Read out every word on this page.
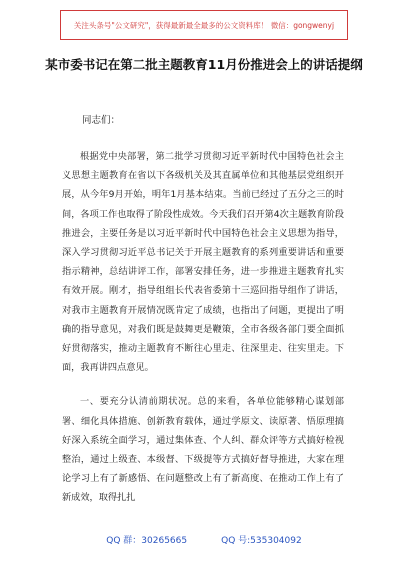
关注头条号"公文研究"，获得最新最全最多的公文资料库！ 微信：gongwenyj
某市委书记在第二批主题教育11月份推进会上的讲话提纲
同志们：

根据党中央部署，第二批学习贯彻习近平新时代中国特色社会主义思想主题教育在省以下各级机关及其直属单位和其他基层党组织开展，从今年9月开始，明年1月基本结束。当前已经过了五分之三的时间，各项工作也取得了阶段性成效。今天我们召开第4次主题教育阶段推进会，主要任务是以习近平新时代中国特色社会主义思想为指导，深入学习贯彻习近平总书记关于开展主题教育的系列重要讲话和重要指示精神，总结讲评工作，部署安排任务，进一步推进主题教育扎实有效开展。刚才，指导组组长代表省委第十三巡回指导组作了讲话，对我市主题教育开展情况既肯定了成绩，也指出了问题，更提出了明确的指导意见，对我们既是鼓舞更是鞭策，全市各级各部门要全面抓好贯彻落实，推动主题教育不断往心里走、往深里走、往实里走。下面，我再讲四点意见。

一、要充分认清前期状况。总的来看，各单位能够精心谋划部署、细化具体措施、创新教育载体，通过学原文、读原著、悟原理搞好深入系统全面学习，通过集体查、个人纠、群众评等方式搞好检视整治，通过上级查、本级督、下级提等方式搞好督导推进，大家在理论学习上有了新感悟、在问题整改上有了新高度、在推动工作上有了新成效，取得扎扎

QQ 群：30265665	QQ 号:535304092
